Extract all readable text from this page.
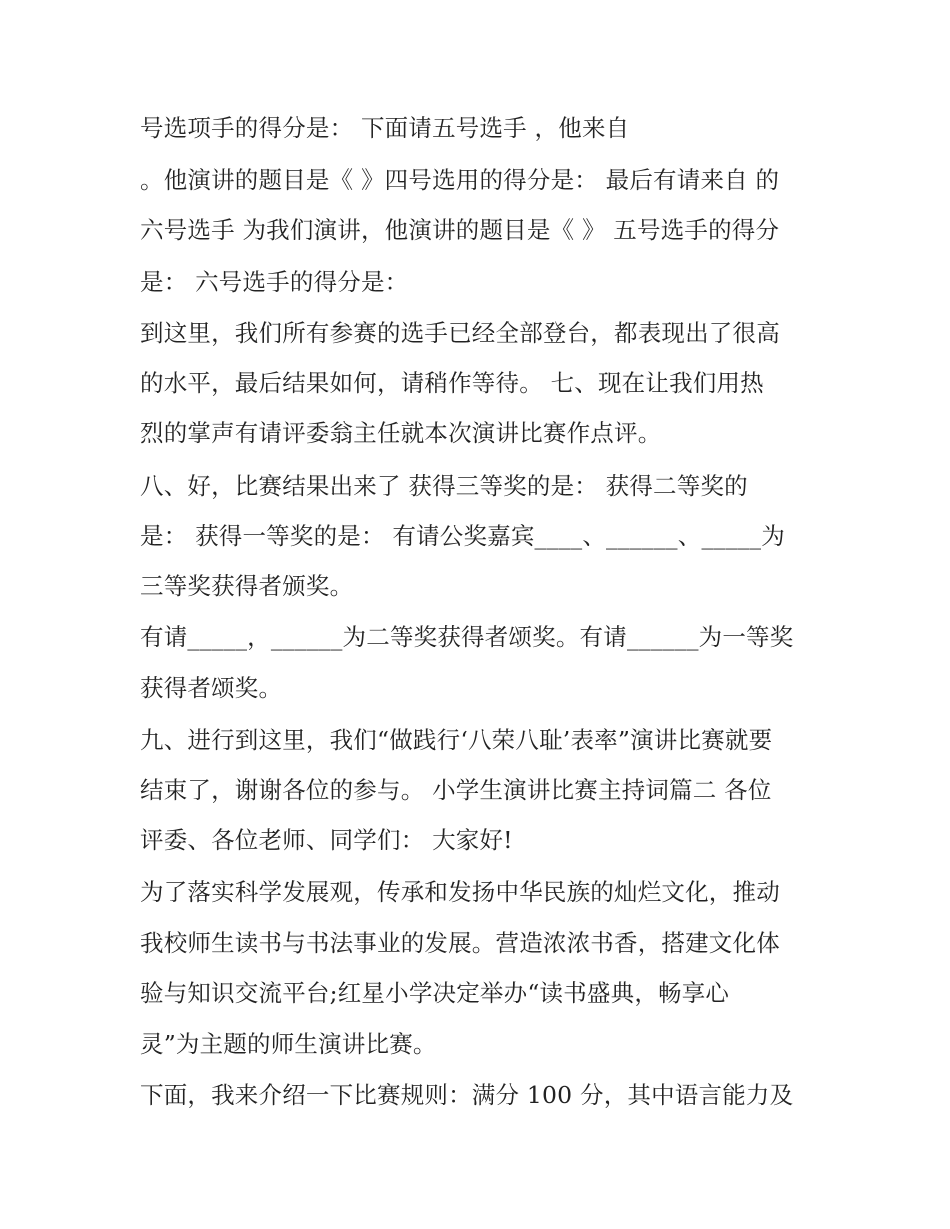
号选项手的得分是： 下面请五号选手 ，他来自
。他演讲的题目是《 》四号选用的得分是： 最后有请来自 的
六号选手 为我们演讲，他演讲的题目是《 》 五号选手的得分
是： 六号选手的得分是：
到这里，我们所有参赛的选手已经全部登台，都表现出了很高
的水平，最后结果如何，请稍作等待。 七、现在让我们用热
烈的掌声有请评委翁主任就本次演讲比赛作点评。
八、好，比赛结果出来了 获得三等奖的是： 获得二等奖的
是： 获得一等奖的是： 有请公奖嘉宾____、______、_____为
三等奖获得者颁奖。
有请_____，______为二等奖获得者颂奖。有请______为一等奖
获得者颂奖。
九、进行到这里，我们“做践行‘八荣八耻’表率”演讲比赛就要
结束了，谢谢各位的参与。 小学生演讲比赛主持词篇二 各位
评委、各位老师、同学们： 大家好!
为了落实科学发展观，传承和发扬中华民族的灿烂文化，推动
我校师生读书与书法事业的发展。营造浓浓书香，搭建文化体
验与知识交流平台;红星小学决定举办“读书盛典，畅享心
灵”为主题的师生演讲比赛。
下面，我来介绍一下比赛规则：满分 100 分，其中语言能力及
